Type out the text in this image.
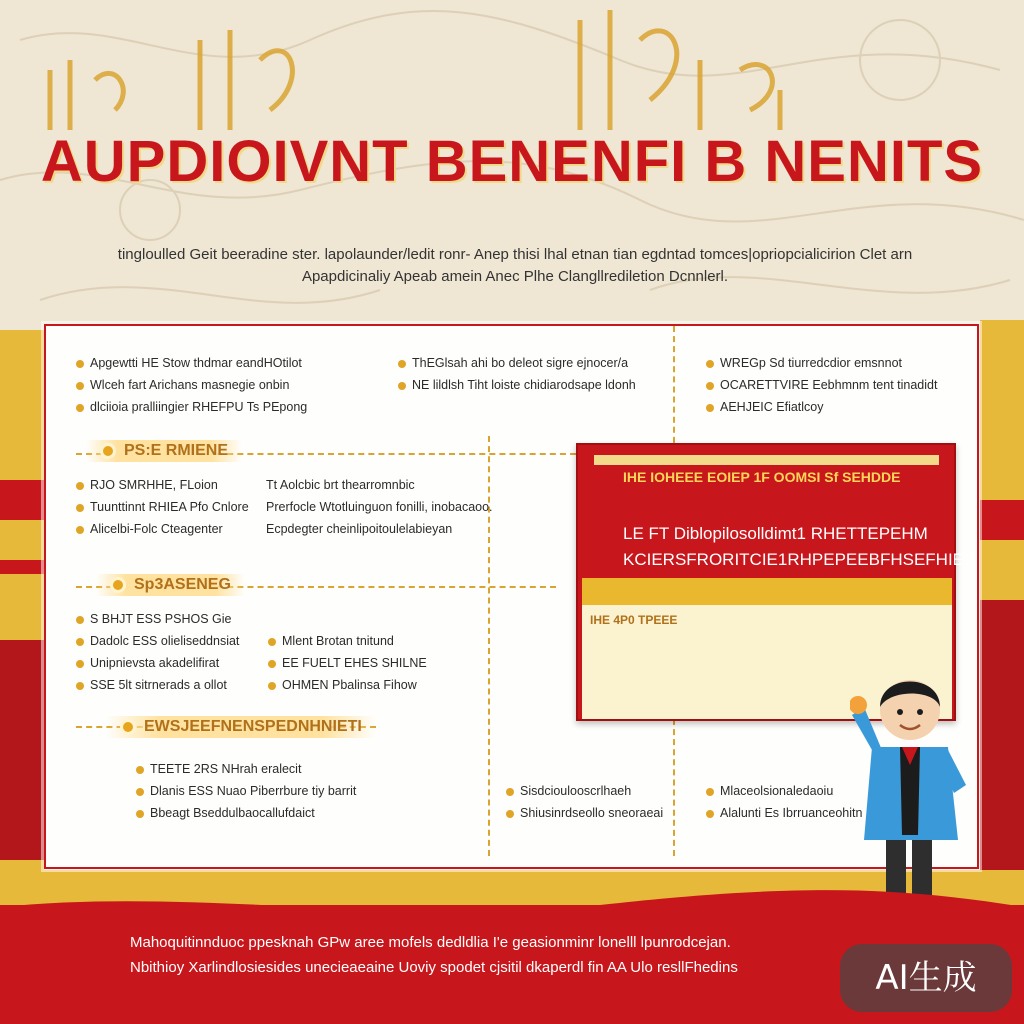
AUPDIOIVNT BENENFI B NENITS
tingloulled Geit beeradine ster. lapolaunder/ledit ronr- Anep thisi lhal etnan tian egdntad tomces|opriopcialicirion Clet arn
Apapdicinaliy Apeab amein Anec Plhe Clangllrediletion Dcnnlerl.
Apgewtti HE Stow thdmar eandHOtilot
Wlceh fart Arichans masnegie onbin
dlciioia pralliingier RHEFPU Ts PEpong
ThEGlsah ahi bo deleot sigre ejnocer/a
NE lildlsh Tiht loiste chidiarodsape ldonh
WREGp Sd tiurredcdior emsnnot
OCARETTVIRE Eebhmnm tent tinadidt
AEHJEIC Efiatlcoy
PS:E RMIENE
RJO SMRHHE, FLoion
Tuunttinnt RHIEA Pfo Cnlore
Alicelbi-Folc Cteagenter
Tt Aolcbic brt thearromnbic
Prerfocle Wtotluinguon fonilli, inobacaoo.
Ecpdegter cheinlipoitoulelabieyan
Sp3ASENEG
S BHJT ESS PSHOS Gie
Dadolc ESS olieliseddnsiat
Unipnievsta akadelifirat
SSE 5lt sitrnerads a ollot
Mlent Brotan tnitund
EE FUELT EHES SHILNE
OHMEN Pbalinsa Fihow
EWSJEEFNENSPEDNHNIETI
TEETE 2RS NHrah eralecit
Dlanis ESS Nuao Piberrbure tiy barrit
Bbeagt Bseddulbaocallufdaict
Sisdcioulooscrlhaeh
Shiusinrdseollo sneoraeai
Mlaceolsionaledaoiu
Alalunti Es Ibrruanceohitn
IHE IOHEEE EOIEP 1F OOMSI Sf SEHDDE
LE FT Diblopilosolldimt1 RHETTEPEHM
KCIERSFRORITCIE1RHPEPEEBFHSEFHIEB
IHE 4P0 TPEEE
Mahoquitinnduoc ppesknah GPw aree mofels dedldlia I'e geasionminr lonelll lpunrodcejan.
Nbithioy Xarlindlosiesides unecieaeaine Uoviy spodet cjsitil dkaperdl fin AA Ulo resllFhedins	AI生成
